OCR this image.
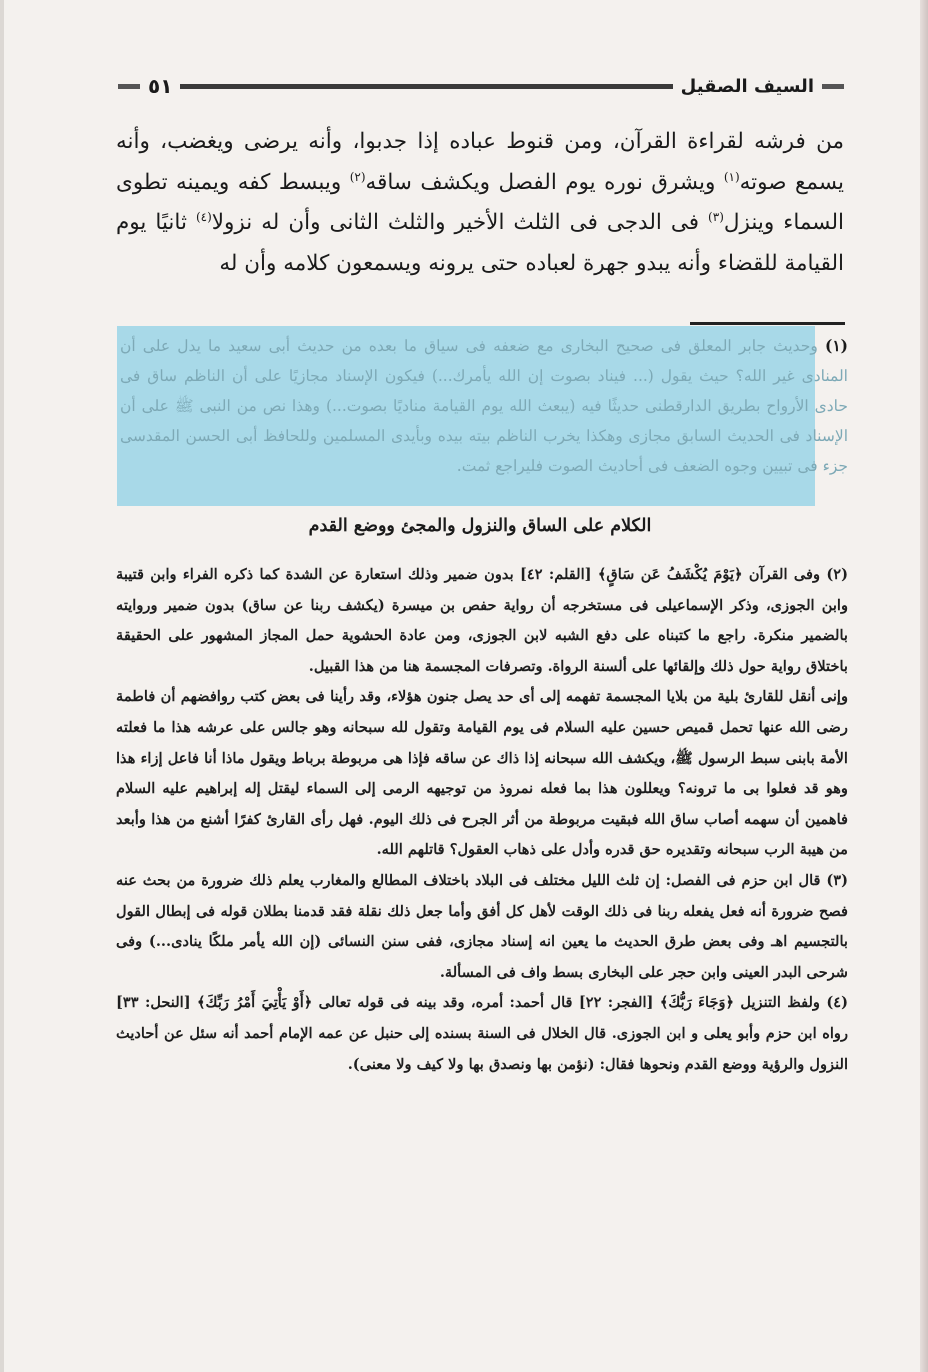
السيف الصقيل
٥١

من فرشه لقراءة القرآن، ومن قنوط عباده إذا جدبوا، وأنه يرضى ويغضب، وأنه يسمع صوته$^{(١)}$ ويشرق نوره يوم الفصل ويكشف ساقه$^{(٢)}$ ويبسط كفه ويمينه تطوى السماء وينزل$^{(٣)}$ فى الدجى فى الثلث الأخير والثلث الثانى وأن له نزولا$^{(٤)}$ ثانيًا يوم القيامة للقضاء وأنه يبدو جهرة لعباده حتى يرونه ويسمعون كلامه وأن له

(١) وحديث جابر المعلق فى صحيح البخارى مع ضعفه فى سياق ما بعده من حديث أبى سعيد ما يدل على أن المنادى غير الله؟ حيث يقول (... فيناد بصوت إن الله يأمرك...) فيكون الإسناد مجازيًا على أن الناظم ساق فى حادى الأرواح بطريق الدارقطنى حديثًا فيه (يبعث الله يوم القيامة مناديًا بصوت...) وهذا نص من النبى ﷺ على أن الإسناد فى الحديث السابق مجازى وهكذا يخرب الناظم بيته بيده وبأيدى المسلمين وللحافظ أبى الحسن المقدسى جزء فى تبيين وجوه الضعف فى أحاديث الصوت فليراجع ثمت.
الكلام على الساق والنزول والمجئ ووضع القدم

(٢) وفى القرآن ﴿يَوْمَ يُكْشَفُ عَن سَاقٍ﴾ [القلم: ٤٢] بدون ضمير وذلك استعارة عن الشدة كما ذكره الفراء وابن قتيبة وابن الجوزى، وذكر الإسماعيلى فى مستخرجه أن رواية حفص بن ميسرة (يكشف ربنا عن ساق) بدون ضمير وروايته بالضمير منكرة. راجع ما كتبناه على دفع الشبه لابن الجوزى، ومن عادة الحشوية حمل المجاز المشهور على الحقيقة باختلاق رواية حول ذلك وإلقائها على ألسنة الرواة. وتصرفات المجسمة هنا من هذا القبيل.

وإنى أنقل للقارئ بلية من بلايا المجسمة تفهمه إلى أى حد يصل جنون هؤلاء، وقد رأينا فى بعض كتب روافضهم أن فاطمة رضى الله عنها تحمل قميص حسين عليه السلام فى يوم القيامة وتقول لله سبحانه وهو جالس على عرشه هذا ما فعلته الأمة بابنى سبط الرسول ﷺ، ويكشف الله سبحانه إذا ذاك عن ساقه فإذا هى مربوطة برباط ويقول ماذا أنا فاعل إزاء هذا وهو قد فعلوا بى ما ترونه؟ ويعللون هذا بما فعله نمروذ من توجيهه الرمى إلى السماء ليقتل إله إبراهيم عليه السلام فاهمين أن سهمه أصاب ساق الله فبقيت مربوطة من أثر الجرح فى ذلك اليوم. فهل رأى القارئ كفرًا أشنع من هذا وأبعد من هيبة الرب سبحانه وتقديره حق قدره وأدل على ذهاب العقول؟ قاتلهم الله.

(٣) قال ابن حزم فى الفصل: إن ثلث الليل مختلف فى البلاد باختلاف المطالع والمغارب يعلم ذلك ضرورة من بحث عنه فصح ضرورة أنه فعل يفعله ربنا فى ذلك الوقت لأهل كل أفق وأما جعل ذلك نقلة فقد قدمنا بطلان قوله فى إبطال القول بالتجسيم اهـ وفى بعض طرق الحديث ما يعين انه إسناد مجازى، ففى سنن النسائى (إن الله يأمر ملكًا ينادى...) وفى شرحى البدر العينى وابن حجر على البخارى بسط واف فى المسألة.

(٤) ولفظ التنزيل ﴿وَجَاءَ رَبُّكَ﴾ [الفجر: ٢٢] قال أحمد: أمره، وقد بينه فى قوله تعالى ﴿أَوْ يَأْتِيَ أَمْرُ رَبِّكَ﴾ [النحل: ٣٣] رواه ابن حزم وأبو يعلى و ابن الجوزى. قال الخلال فى السنة بسنده إلى حنبل عن عمه الإمام أحمد أنه سئل عن أحاديث النزول والرؤية ووضع القدم ونحوها فقال: (نؤمن بها ونصدق بها ولا كيف ولا معنى).
